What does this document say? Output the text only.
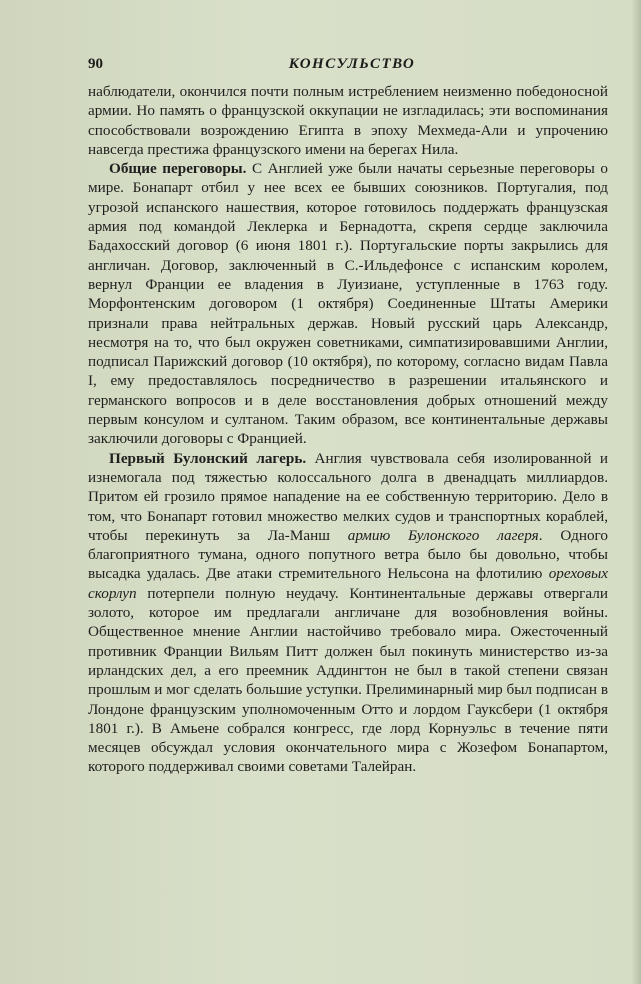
90	КОНСУЛЬСТВО

наблюдатели, окончился почти полным истреблением неизменно победоносной армии. Но память о французской оккупации не изгладилась; эти воспоминания способствовали возрождению Египта в эпоху Мехмеда-Али и упрочению навсегда престижа французского имени на берегах Нила.

Общие переговоры. С Англией уже были начаты серьезные переговоры о мире. Бонапарт отбил у нее всех ее бывших союзников. Португалия, под угрозой испанского нашествия, которое готовилось поддержать французская армия под командой Леклерка и Бернадотта, скрепя сердце заключила Бадахосский договор (6 июня 1801 г.). Португальские порты закрылись для англичан. Договор, заключенный в С.-Ильдефонсе с испанским королем, вернул Франции ее владения в Луизиане, уступленные в 1763 году. Морфонтенским договором (1 октября) Соединенные Штаты Америки признали права нейтральных держав. Новый русский царь Александр, несмотря на то, что был окружен советниками, симпатизировавшими Англии, подписал Парижский договор (10 октября), по которому, согласно видам Павла I, ему предоставлялось посредничество в разрешении итальянского и германского вопросов и в деле восстановления добрых отношений между первым консулом и султаном. Таким образом, все континентальные державы заключили договоры с Францией.

Первый Булонский лагерь. Англия чувствовала себя изолированной и изнемогала под тяжестью колоссального долга в двенадцать миллиардов. Притом ей грозило прямое нападение на ее собственную территорию. Дело в том, что Бонапарт готовил множество мелких судов и транспортных кораблей, чтобы перекинуть за Ла-Манш армию Булонского лагеря. Одного благоприятного тумана, одного попутного ветра было бы довольно, чтобы высадка удалась. Две атаки стремительного Нельсона на флотилию ореховых скорлуп потерпели полную неудачу. Континентальные державы отвергали золото, которое им предлагали англичане для возобновления войны. Общественное мнение Англии настойчиво требовало мира. Ожесточенный противник Франции Вильям Питт должен был покинуть министерство из-за ирландских дел, а его преемник Аддингтон не был в такой степени связан прошлым и мог сделать большие уступки. Прелиминарный мир был подписан в Лондоне французским уполномоченным Отто и лордом Гауксбери (1 октября 1801 г.). В Амьене собрался конгресс, где лорд Корнуэльс в течение пяти месяцев обсуждал условия окончательного мира с Жозефом Бонапартом, которого поддерживал своими советами Талейран.
